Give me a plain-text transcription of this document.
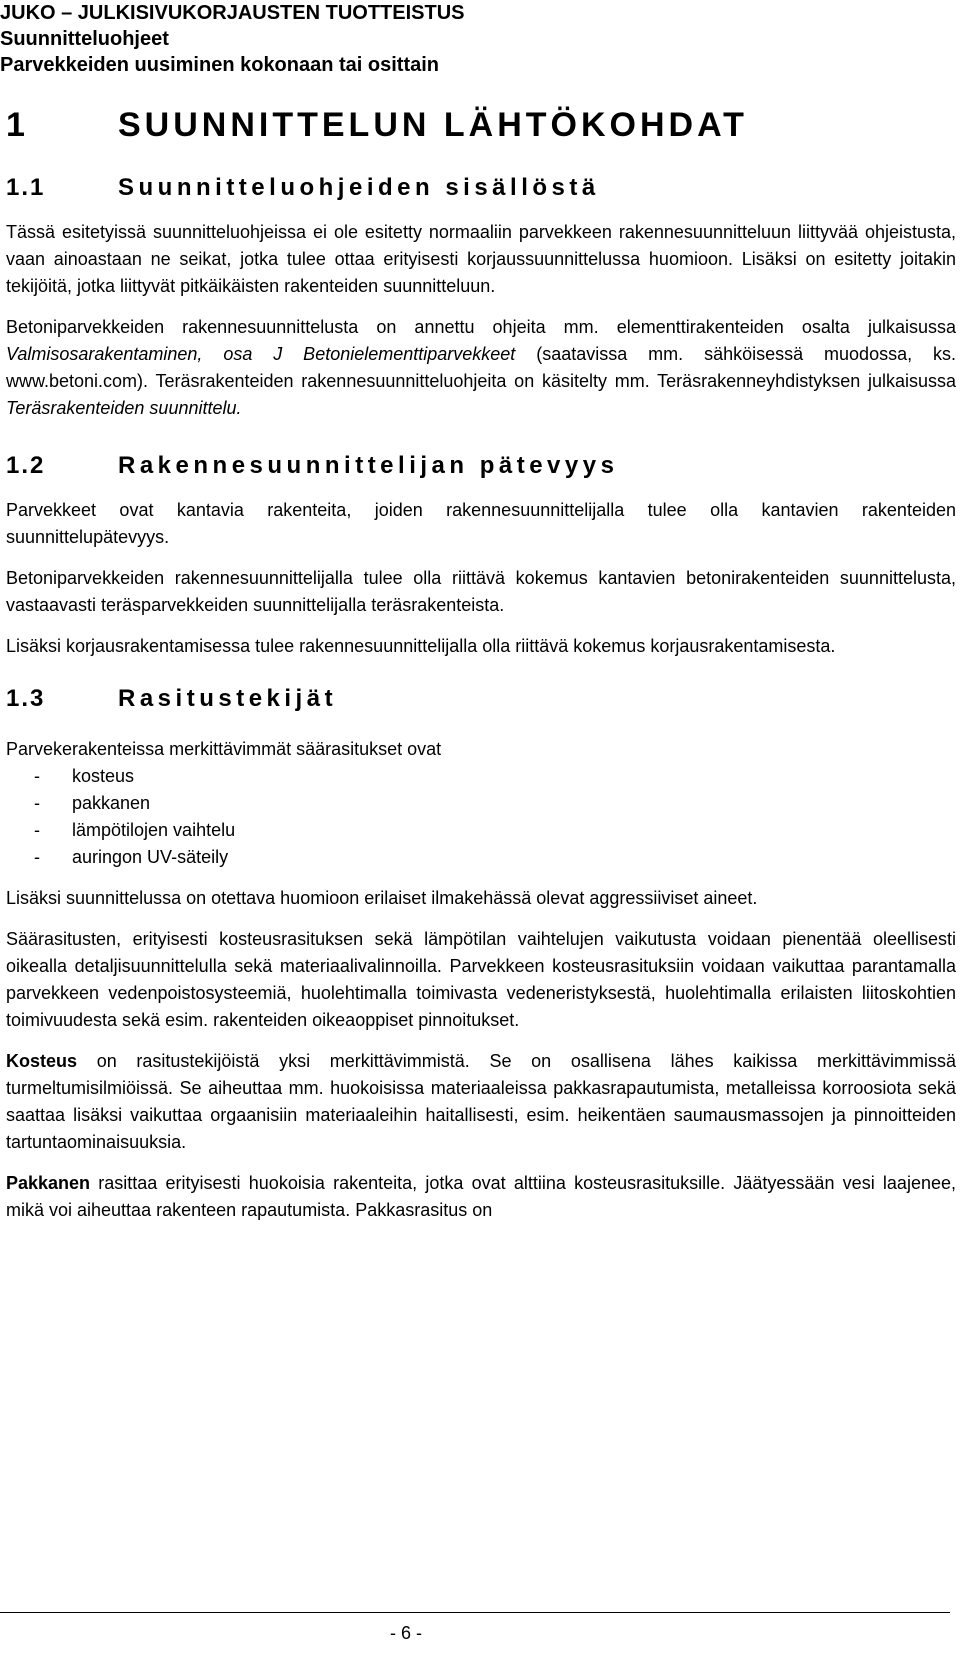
JUKO – JULKISIVUKORJAUSTEN TUOTTEISTUS
Suunnitteluohjeet
Parvekkeiden uusiminen kokonaan tai osittain
1	SUUNNITTELUN LÄHTÖKOHDAT
1.1	Suunnitteluohjeiden sisällöstä

Tässä esitetyissä suunnitteluohjeissa ei ole esitetty normaaliin parvekkeen rakennesuunnitteluun liittyvää ohjeistusta, vaan ainoastaan ne seikat, jotka tulee ottaa erityisesti korjaussuunnittelussa huomioon. Lisäksi on esitetty joitakin tekijöitä, jotka liittyvät pitkäikäisten rakenteiden suunnitteluun.

Betoniparvekkeiden rakennesuunnittelusta on annettu ohjeita mm. elementtirakenteiden osalta julkaisussa Valmisosarakentaminen, osa J Betonielementtiparvekkeet (saatavissa mm. sähköisessä muodossa, ks. www.betoni.com). Teräsrakenteiden rakennesuunnitteluohjeita on käsitelty mm. Teräsrakenneyhdistyksen julkaisussa Teräsrakenteiden suunnittelu.

1.2	Rakennesuunnittelijan pätevyys

Parvekkeet ovat kantavia rakenteita, joiden rakennesuunnittelijalla tulee olla kantavien rakenteiden suunnittelupätevyys.

Betoniparvekkeiden rakennesuunnittelijalla tulee olla riittävä kokemus kantavien betonirakenteiden suunnittelusta, vastaavasti teräsparvekkeiden suunnittelijalla teräsrakenteista.

Lisäksi korjausrakentamisessa tulee rakennesuunnittelijalla olla riittävä kokemus korjausrakentamisesta.

1.3	Rasitustekijät

Parvekerakenteissa merkittävimmät säärasitukset ovat

-	kosteus
-	pakkanen
-	lämpötilojen vaihtelu
-	auringon UV-säteily

Lisäksi suunnittelussa on otettava huomioon erilaiset ilmakehässä olevat aggressiiviset aineet.

Säärasitusten, erityisesti kosteusrasituksen sekä lämpötilan vaihtelujen vaikutusta voidaan pienentää oleellisesti oikealla detaljisuunnittelulla sekä materiaalivalinnoilla. Parvekkeen kosteusrasituksiin voidaan vaikuttaa parantamalla parvekkeen vedenpoistosysteemiä, huolehtimalla toimivasta vedeneristyksestä, huolehtimalla erilaisten liitoskohtien toimivuudesta sekä esim. rakenteiden oikeaoppiset pinnoitukset.

Kosteus on rasitustekijöistä yksi merkittävimmistä. Se on osallisena lähes kaikissa merkittävimmissä turmeltumisilmiöissä. Se aiheuttaa mm. huokoisissa materiaaleissa pakkasrapautumista, metalleissa korroosiota sekä saattaa lisäksi vaikuttaa orgaanisiin materiaaleihin haitallisesti, esim. heikentäen saumausmassojen ja pinnoitteiden tartuntaominaisuuksia.

Pakkanen rasittaa erityisesti huokoisia rakenteita, jotka ovat alttiina kosteusrasituksille. Jäätyessään vesi laajenee, mikä voi aiheuttaa rakenteen rapautumista. Pakkasrasitus on

- 6 -
